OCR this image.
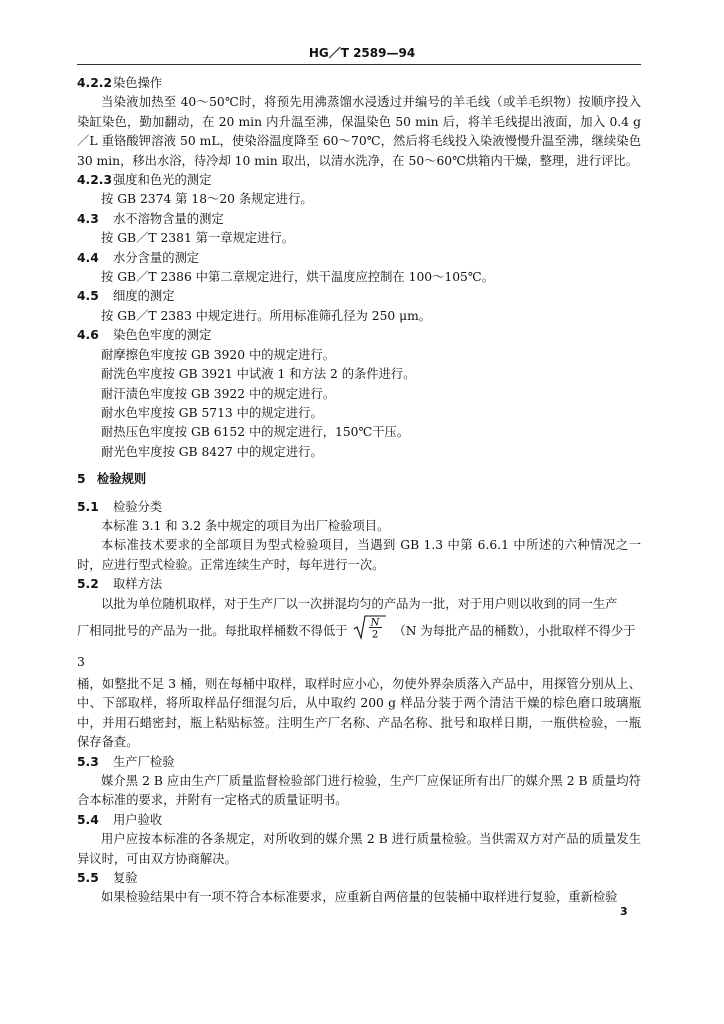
HG／T 2589—94
4.2.2染色操作
当染液加热至 40～50℃时，将预先用沸蒸馏水浸透过并编号的羊毛线（或羊毛织物）按顺序投入染缸染色，勤加翻动，在 20 min 内升温至沸，保温染色 50 min 后，将羊毛线提出液面，加入 0.4 g／L 重铬酸钾溶液 50 mL，使染浴温度降至 60～70℃，然后将毛线投入染液慢慢升温至沸，继续染色 30 min，移出水浴，待冷却 10 min 取出，以清水洗净，在 50～60℃烘箱内干燥，整理，进行评比。
4.2.3强度和色光的测定
按 GB 2374 第 18～20 条规定进行。
4.3 水不溶物含量的测定
按 GB／T 2381 第一章规定进行。
4.4 水分含量的测定
按 GB／T 2386 中第二章规定进行，烘干温度应控制在 100～105℃。
4.5 细度的测定
按 GB／T 2383 中规定进行。所用标准筛孔径为 250 μm。
4.6 染色色牢度的测定
耐摩擦色牢度按 GB 3920 中的规定进行。
耐洗色牢度按 GB 3921 中试液 1 和方法 2 的条件进行。
耐汗渍色牢度按 GB 3922 中的规定进行。
耐水色牢度按 GB 5713 中的规定进行。
耐热压色牢度按 GB 6152 中的规定进行，150℃干压。
耐光色牢度按 GB 8427 中的规定进行。
5 检验规则
5.1 检验分类
本标准 3.1 和 3.2 条中规定的项目为出厂检验项目。
本标准技术要求的全部项目为型式检验项目，当遇到 GB 1.3 中第 6.6.1 中所述的六种情况之一时，应进行型式检验。正常连续生产时，每年进行一次。
5.2 取样方法
以批为单位随机取样，对于生产厂以一次拼混均匀的产品为一批，对于用户则以收到的同一生产
厂相同批号的产品为一批。每批取样桶数不得低于
N
2 （N 为每批产品的桶数），小批取样不得少于 3
桶，如整批不足 3 桶，则在每桶中取样，取样时应小心，勿使外界杂质落入产品中，用探管分别从上、中、下部取样，将所取样品仔细混匀后，从中取约 200 g 样品分装于两个清洁干燥的棕色磨口玻璃瓶中，并用石蜡密封，瓶上粘贴标签。注明生产厂名称、产品名称、批号和取样日期，一瓶供检验，一瓶保存备查。
5.3 生产厂检验
媒介黑 2 B 应由生产厂质量监督检验部门进行检验，生产厂应保证所有出厂的媒介黑 2 B 质量均符合本标准的要求，并附有一定格式的质量证明书。
5.4 用户验收
用户应按本标准的各条规定，对所收到的媒介黑 2 B 进行质量检验。当供需双方对产品的质量发生异议时，可由双方协商解决。
5.5 复验
如果检验结果中有一项不符合本标准要求，应重新自两倍量的包装桶中取样进行复验，重新检验
3
